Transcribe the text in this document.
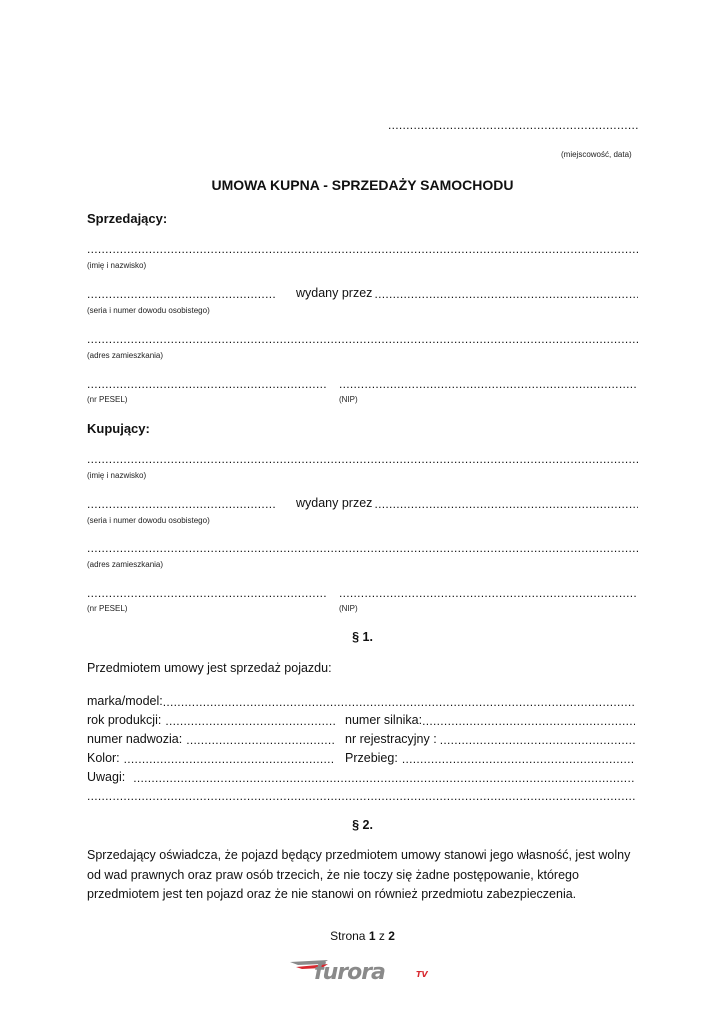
.....
(miejscowość, data)
UMOWA KUPNA - SPRZEDAŻY SAMOCHODU
Sprzedający:
.....
(imię i nazwisko)
.....
wydany przez
.....
(seria i numer dowodu osobistego)
.....
(adres zamieszkania)
.....
.....
(nr PESEL)	(NIP)
Kupujący:
.....
(imię i nazwisko)
.....
wydany przez
.....
(seria i numer dowodu osobistego)
.....
(adres zamieszkania)
.....
.....
(nr PESEL)	(NIP)
§ 1.
Przedmiotem umowy jest sprzedaż pojazdu:
marka/model:
.....
rok produkcji: .....	numer silnika:
.....
numer nadwozia: .....	nr rejestracyjny :
.....
Kolor: .....	Przebieg:
.....
Uwagi:
.....
.....
§ 2.
Sprzedający oświadcza, że pojazd będący przedmiotem umowy stanowi jego własność, jest wolny od wad prawnych oraz praw osób trzecich, że nie toczy się żadne postępowanie, którego przedmiotem jest ten pojazd oraz że nie stanowi on również przedmiotu zabezpieczenia.
Strona 1 z 2
furora	TV
